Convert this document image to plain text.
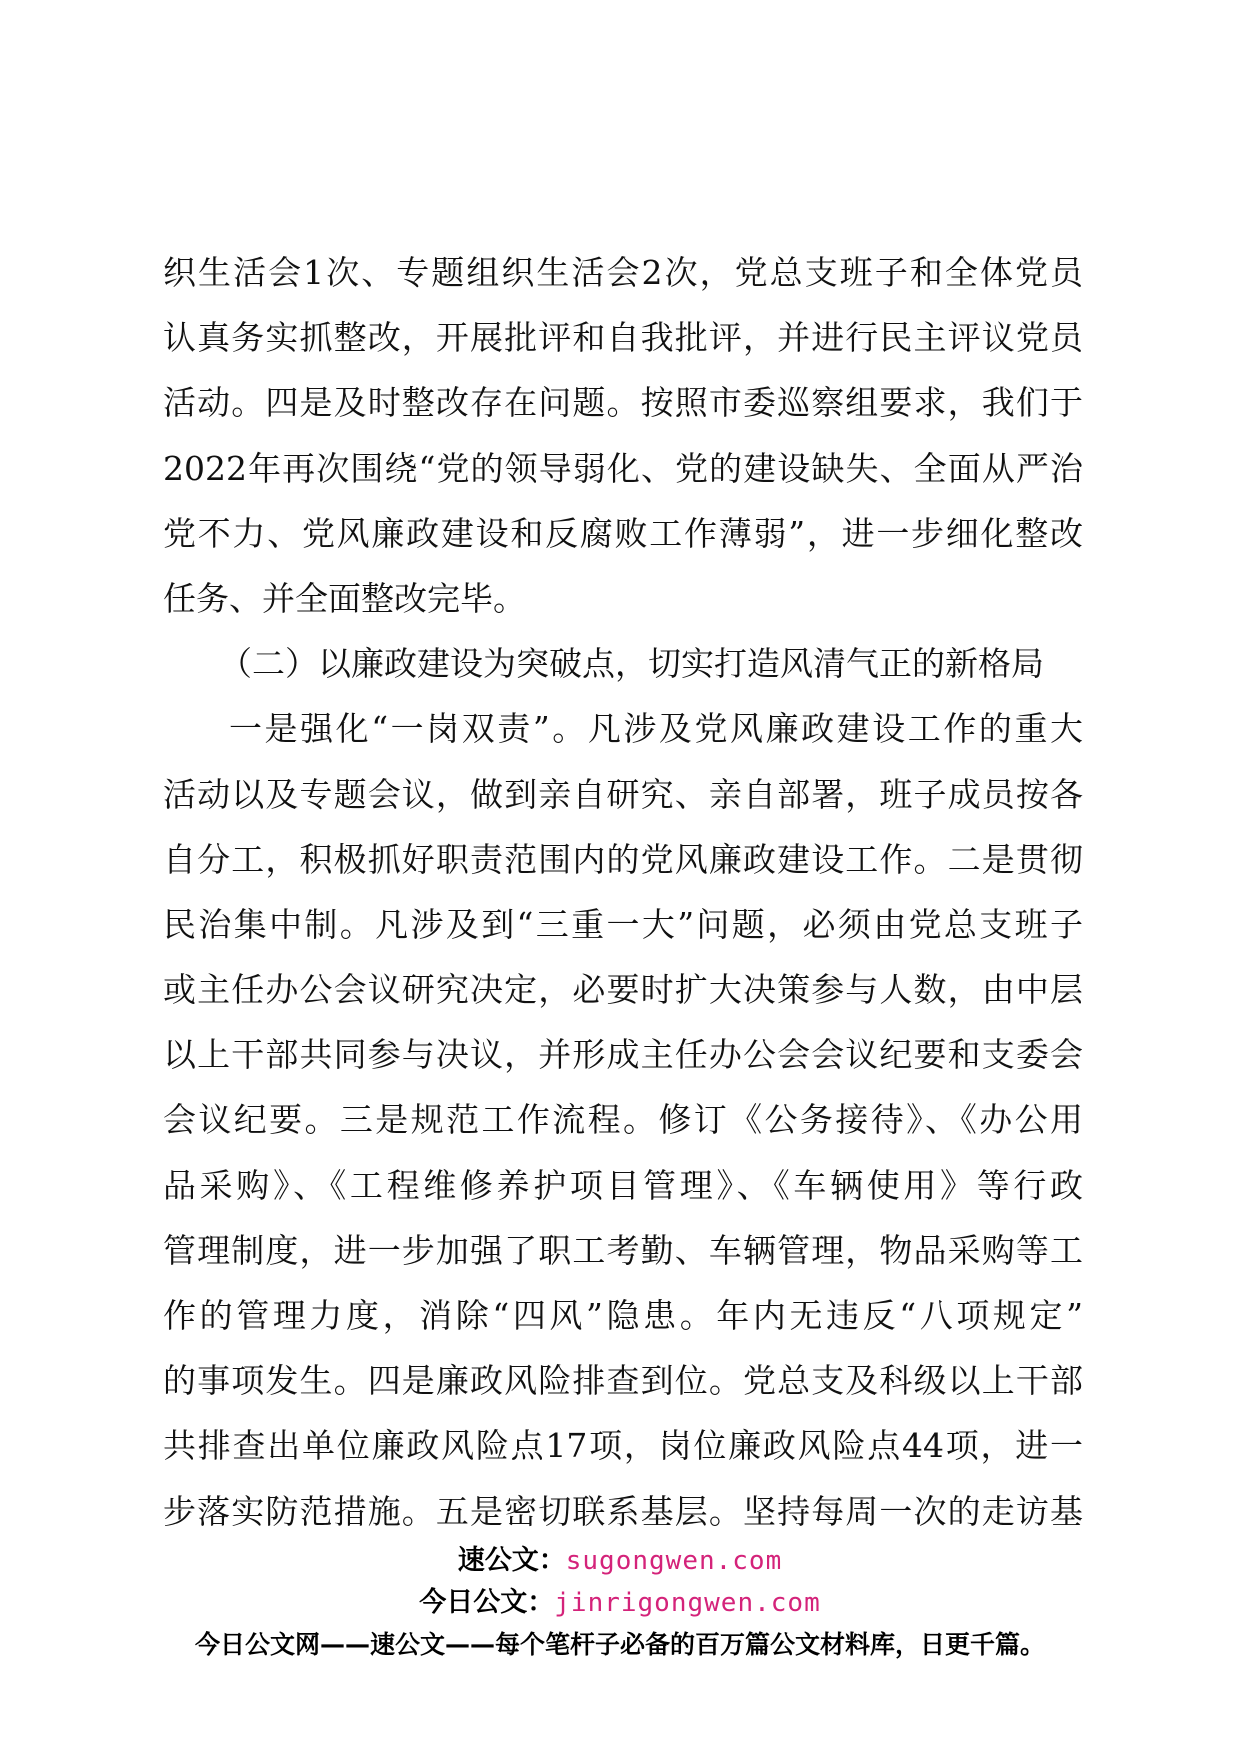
织生活会1次、专题组织生活会2次，党总支班子和全体党员
认真务实抓整改，开展批评和自我批评，并进行民主评议党员
活动。四是及时整改存在问题。按照市委巡察组要求，我们于
2022年再次围绕“党的领导弱化、党的建设缺失、全面从严治
党不力、党风廉政建设和反腐败工作薄弱”，进一步细化整改
任务、并全面整改完毕。
（二）以廉政建设为突破点，切实打造风清气正的新格局
一是强化“一岗双责”。凡涉及党风廉政建设工作的重大
活动以及专题会议，做到亲自研究、亲自部署，班子成员按各
自分工，积极抓好职责范围内的党风廉政建设工作。二是贯彻
民治集中制。凡涉及到“三重一大”问题，必须由党总支班子
或主任办公会议研究决定，必要时扩大决策参与人数，由中层
以上干部共同参与决议，并形成主任办公会会议纪要和支委会
会议纪要。三是规范工作流程。修订《公务接待》、《办公用
品采购》、《工程维修养护项目管理》、《车辆使用》等行政
管理制度，进一步加强了职工考勤、车辆管理，物品采购等工
作的管理力度，消除“四风”隐患。年内无违反“八项规定”
的事项发生。四是廉政风险排查到位。党总支及科级以上干部
共排查出单位廉政风险点17项，岗位廉政风险点44项，进一
步落实防范措施。五是密切联系基层。坚持每周一次的走访基
速公文：sugongwen.com
今日公文：jinrigongwen.com
今日公文网——速公文——每个笔杆子必备的百万篇公文材料库，日更千篇。
